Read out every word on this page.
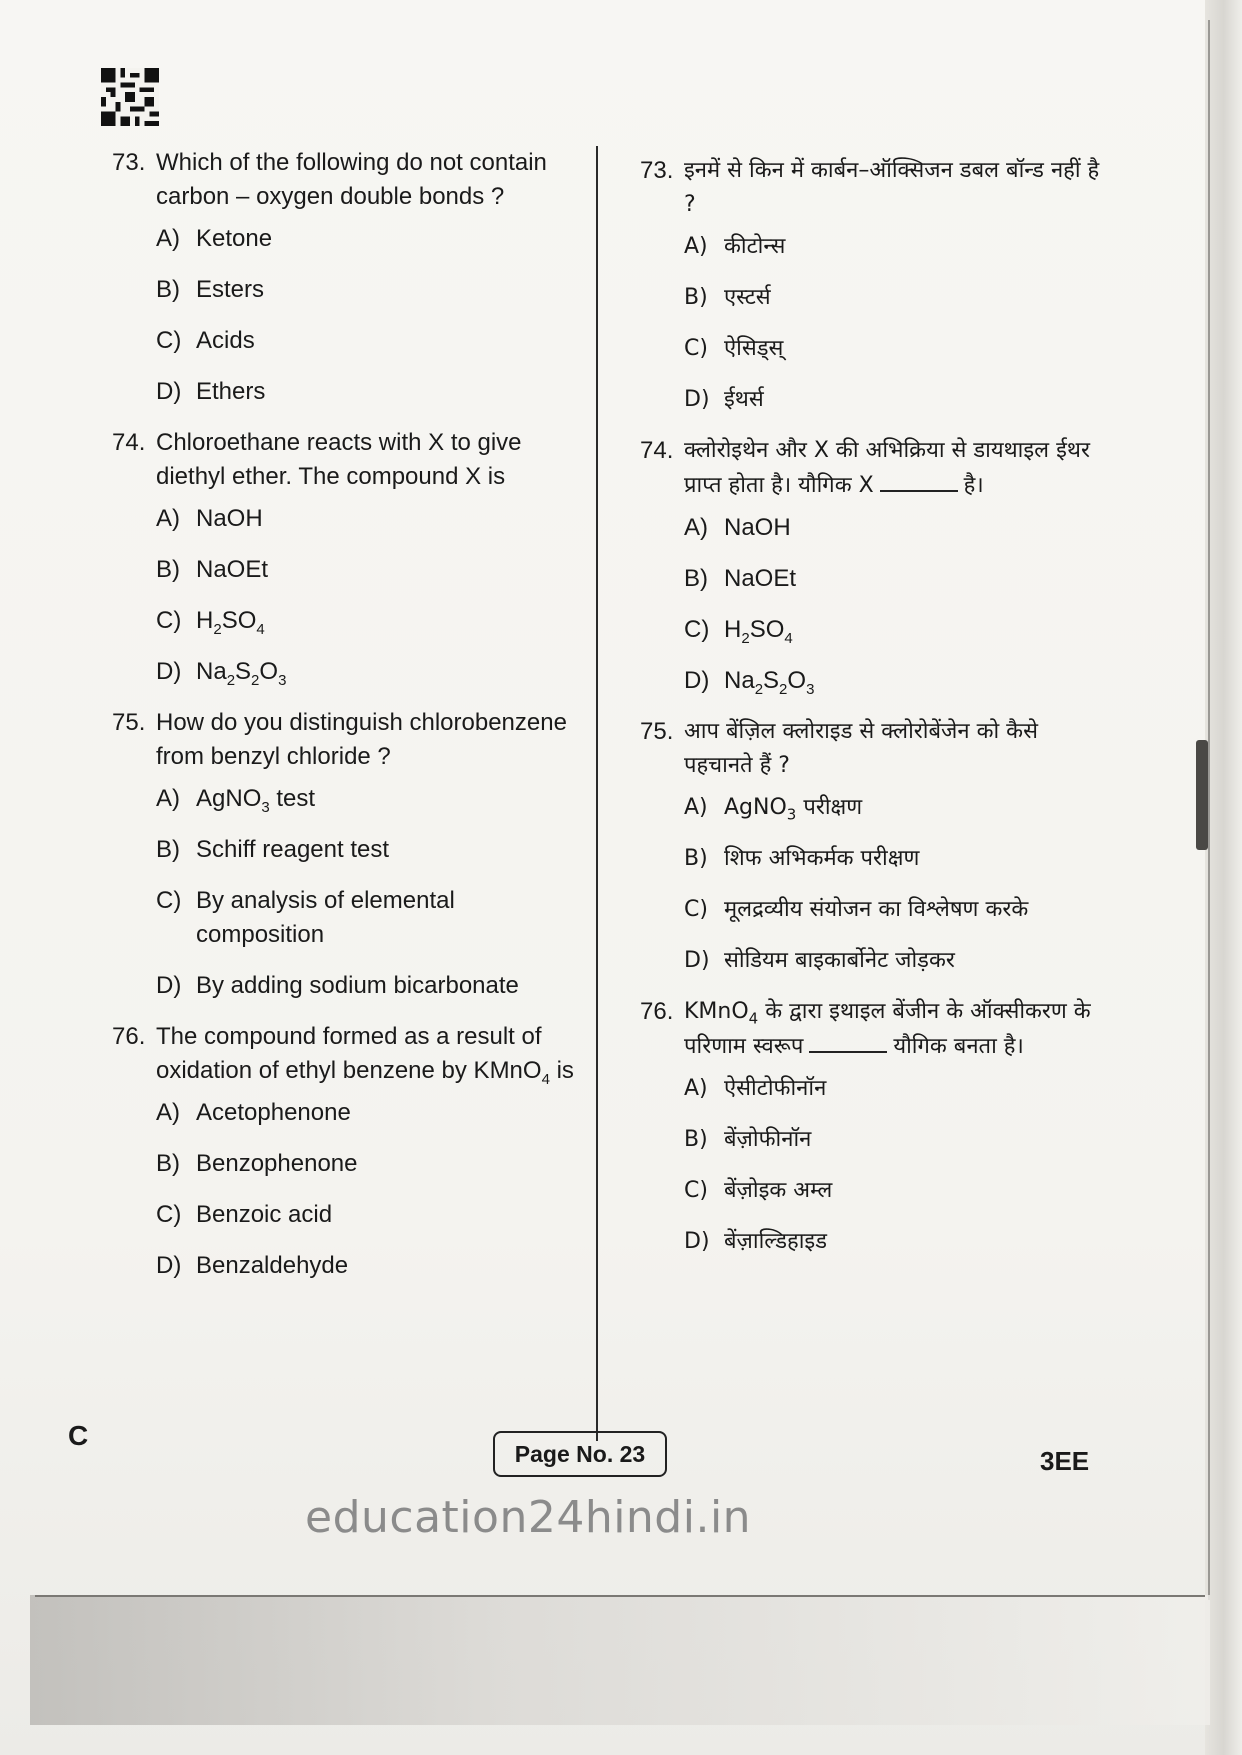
73. Which of the following do not contain carbon – oxygen double bonds ?
A) Ketone
B) Esters
C) Acids
D) Ethers
74. Chloroethane reacts with X to give diethyl ether. The compound X is
A) NaOH
B) NaOEt
C) $H_2SO_4$
D) $Na_2S_2O_3$
75. How do you distinguish chlorobenzene from benzyl chloride ?
A) AgNO$_3$ test
B) Schiff reagent test
C) By analysis of elemental composition
D) By adding sodium bicarbonate
76. The compound formed as a result of oxidation of ethyl benzene by KMnO$_4$ is
A) Acetophenone
B) Benzophenone
C) Benzoic acid
D) Benzaldehyde
73. इनमें से किन में कार्बन–ऑक्सिजन डबल बॉन्ड नहीं है ?
A) कीटोन्स
B) एस्टर्स
C) ऐसिड्स्
D) ईथर्स
74. क्लोरोइथेन और X की अभिक्रिया से डायथाइल ईथर प्राप्त होता है। यौगिक X	है।
A) NaOH
B) NaOEt
C) $H_2SO_4$
D) $Na_2S_2O_3$
75. आप बेंज़िल क्लोराइड से क्लोरोबेंजेन को कैसे पहचानते हैं ?
A) AgNO$_3$ परीक्षण
B) शिफ अभिकर्मक परीक्षण
C) मूलद्रव्यीय संयोजन का विश्लेषण करके
D) सोडियम बाइकार्बोनेट जोड़कर
76. KMnO$_4$ के द्वारा इथाइल बेंजीन के ऑक्सीकरण के परिणाम स्वरूप	यौगिक बनता है।
A) ऐसीटोफीनॉन
B) बेंज़ोफीनॉन
C) बेंज़ोइक अम्ल
D) बेंज़ाल्डिहाइड
C
Page No. 23	3EE
education24hindi.in
